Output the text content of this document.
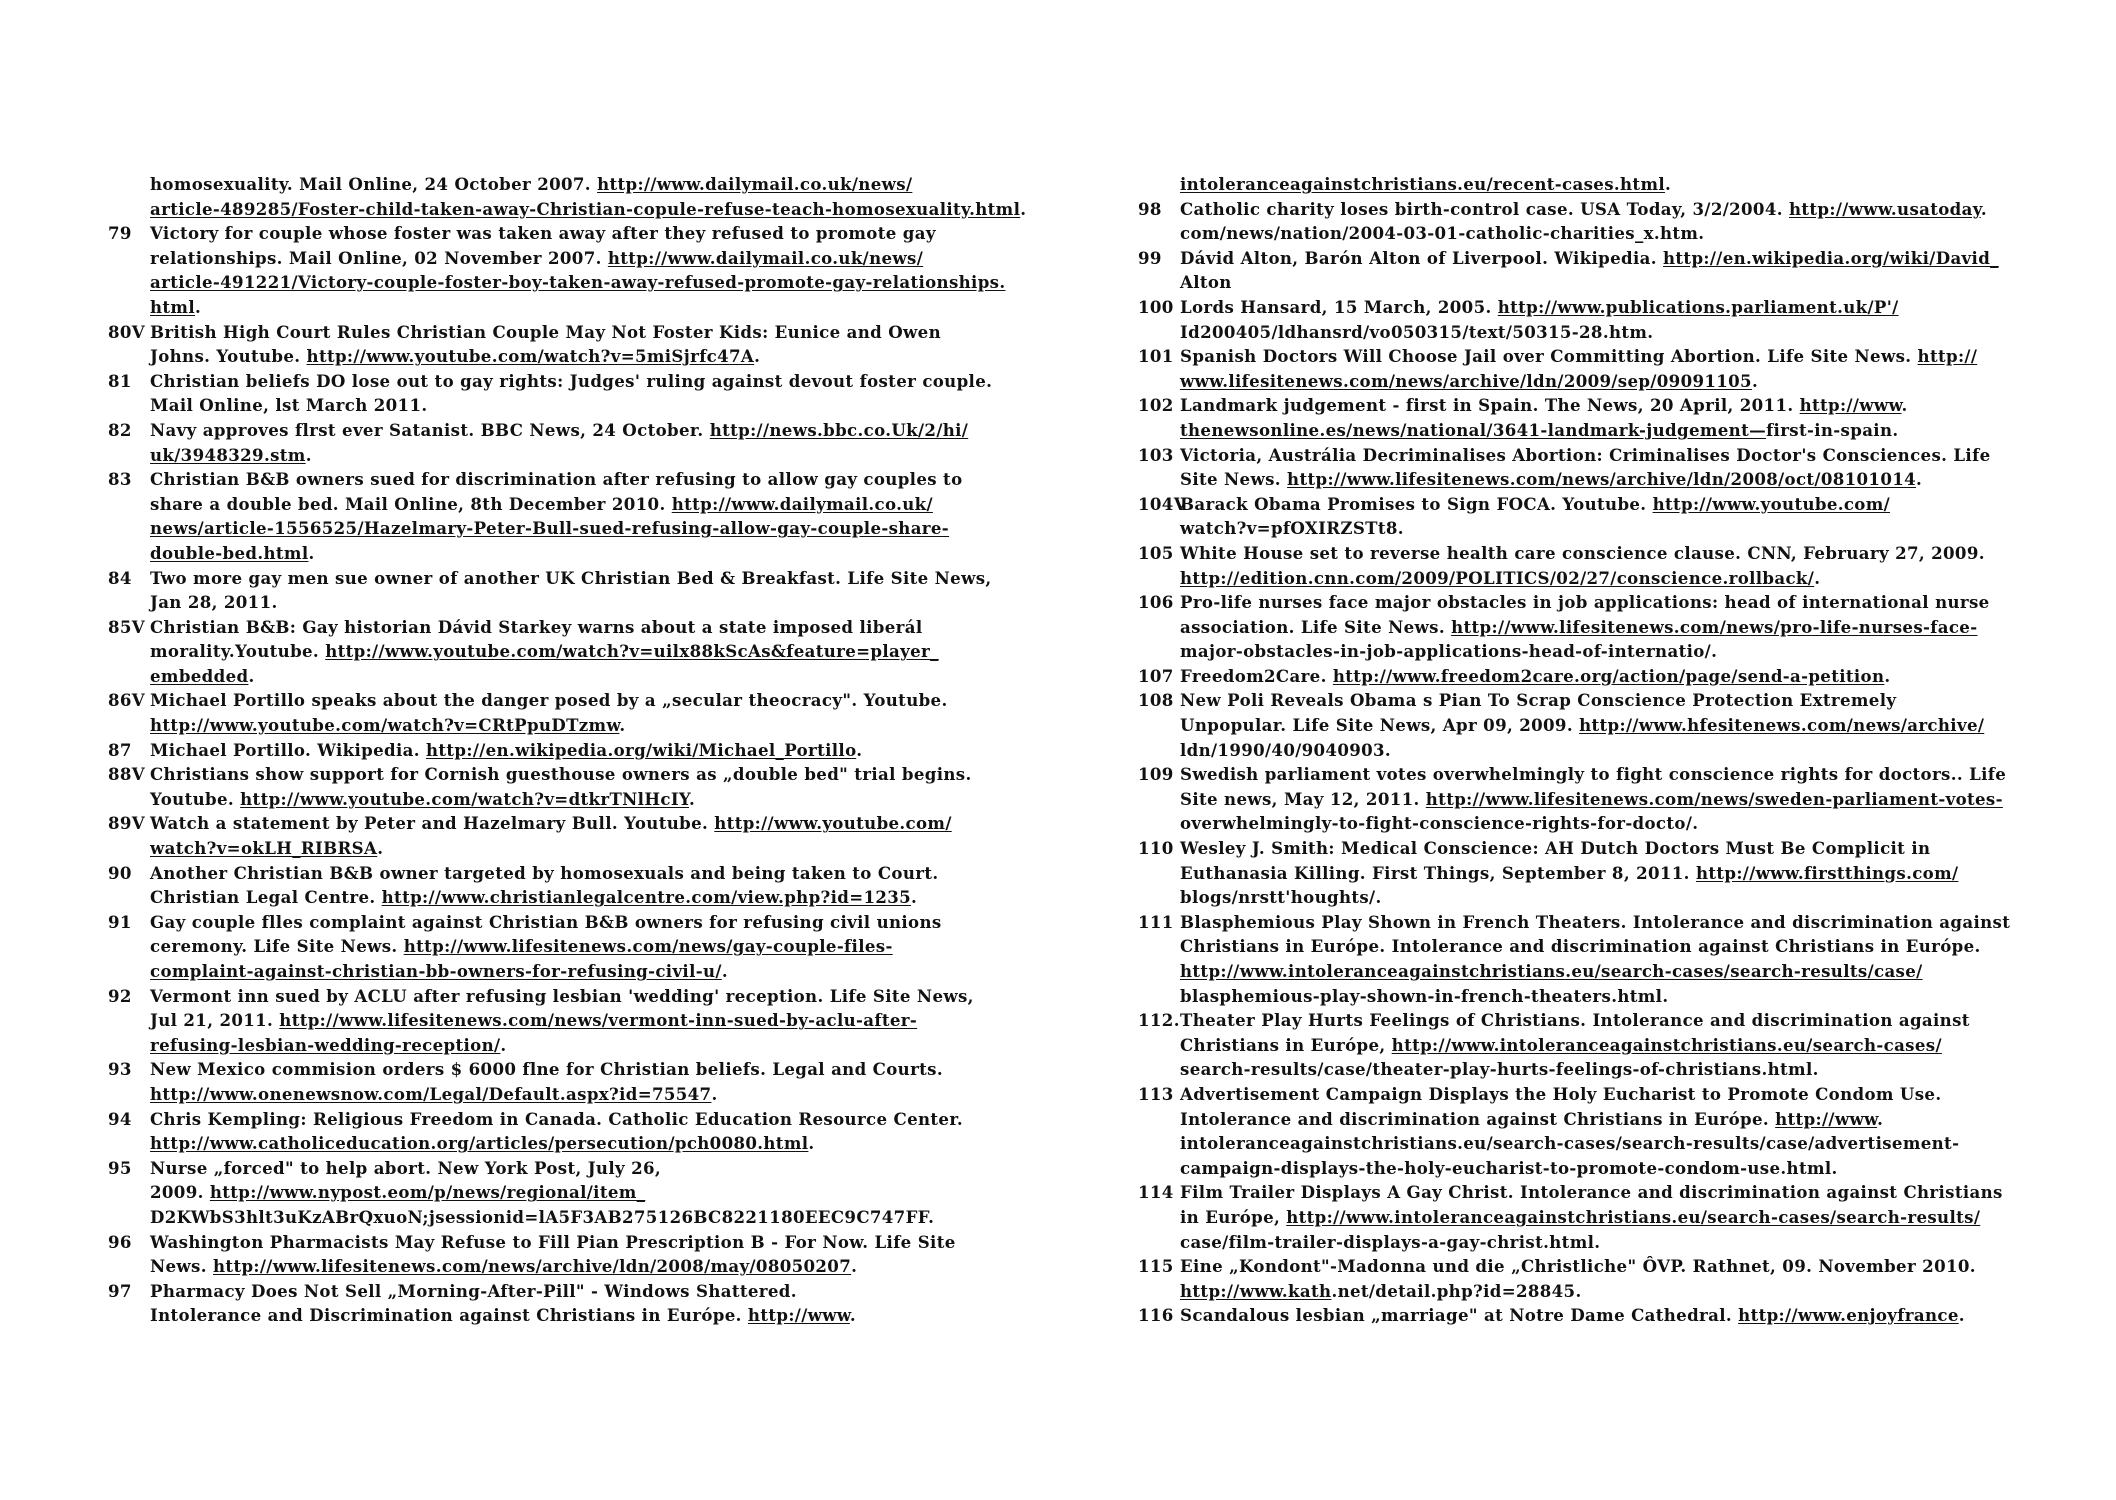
homosexuality. Mail Online, 24 October 2007. http://www.dailymail.co.uk/news/
article-489285/Foster-child-taken-away-Christian-copule-refuse-teach-homosexuality.html.
79 Victory for couple whose foster was taken away after they refused to promote gay
relationships. Mail Online, 02 November 2007. http://www.dailymail.co.uk/news/
article-491221/Victory-couple-foster-boy-taken-away-refused-promote-gay-relationships.
html.
80V British High Court Rules Christian Couple May Not Foster Kids: Eunice and Owen
Johns. Youtube. http://www.youtube.com/watch?v=5miSjrfc47A.
81 Christian beliefs DO lose out to gay rights: Judges' ruling against devout foster couple.
Mail Online, lst March 2011.
82 Navy approves flrst ever Satanist. BBC News, 24 October. http://news.bbc.co.Uk/2/hi/
uk/3948329.stm.
83 Christian B&B owners sued for discrimination after refusing to allow gay couples to
share a double bed. Mail Online, 8th December 2010. http://www.dailymail.co.uk/
news/article-1556525/Hazelmary-Peter-Bull-sued-refusing-allow-gay-couple-share-
double-bed.html.
84 Two more gay men sue owner of another UK Christian Bed & Breakfast. Life Site News,
Jan 28, 2011.
85V Christian B&B: Gay historian Dávid Starkey warns about a state imposed liberál
morality.Youtube. http://www.youtube.com/watch?v=uilx88kScAs&feature=player_
embedded.
86V Michael Portillo speaks about the danger posed by a „secular theocracy". Youtube.
http://www.youtube.com/watch?v=CRtPpuDTzmw.
87 Michael Portillo. Wikipedia. http://en.wikipedia.org/wiki/Michael_Portillo.
88V Christians show support for Cornish guesthouse owners as „double bed" trial begins.
Youtube. http://www.youtube.com/watch?v=dtkrTNlHcIY.
89V Watch a statement by Peter and Hazelmary Bull. Youtube. http://www.youtube.com/
watch?v=okLH_RIBRSA.
90 Another Christian B&B owner targeted by homosexuals and being taken to Court.
Christian Legal Centre. http://www.christianlegalcentre.com/view.php?id=1235.
91 Gay couple flles complaint against Christian B&B owners for refusing civil unions
ceremony. Life Site News. http://www.lifesitenews.com/news/gay-couple-files-
complaint-against-christian-bb-owners-for-refusing-civil-u/.
92 Vermont inn sued by ACLU after refusing lesbian 'wedding' reception. Life Site News,
Jul 21, 2011. http://www.lifesitenews.com/news/vermont-inn-sued-by-aclu-after-
refusing-lesbian-wedding-reception/.
93 New Mexico commision orders $ 6000 flne for Christian beliefs. Legal and Courts.
http://www.onenewsnow.com/Legal/Default.aspx?id=75547.
94 Chris Kempling: Religious Freedom in Canada. Catholic Education Resource Center.
http://www.catholiceducation.org/articles/persecution/pch0080.html.
95 Nurse „forced" to help abort. New York Post, July 26,
2009. http://www.nypost.eom/p/news/regional/item_
D2KWbS3hlt3uKzABrQxuoN;jsessionid=lA5F3AB275126BC8221180EEC9C747FF.
96 Washington Pharmacists May Refuse to Fill Pian Prescription B - For Now. Life Site
News. http://www.lifesitenews.com/news/archive/ldn/2008/may/08050207.
97 Pharmacy Does Not Sell „Morning-After-Pill" - Windows Shattered.
Intolerance and Discrimination against Christians in Európe. http://www.
intoleranceagainstchristians.eu/recent-cases.html.
98 Catholic charity loses birth-control case. USA Today, 3/2/2004. http://www.usatoday.
com/news/nation/2004-03-01-catholic-charities_x.htm.
99 Dávid Alton, Barón Alton of Liverpool. Wikipedia. http://en.wikipedia.org/wiki/David_
Alton
100 Lords Hansard, 15 March, 2005. http://www.publications.parliament.uk/P'/
Id200405/ldhansrd/vo050315/text/50315-28.htm.
101 Spanish Doctors Will Choose Jail over Committing Abortion. Life Site News. http://
www.lifesitenews.com/news/archive/ldn/2009/sep/09091105.
102 Landmark judgement - first in Spain. The News, 20 April, 2011. http://www.
thenewsonline.es/news/national/3641-landmark-judgement—first-in-spain.
103 Victoria, Austrália Decriminalises Abortion: Criminalises Doctor's Consciences. Life
Site News. http://www.lifesitenews.com/news/archive/ldn/2008/oct/08101014.
104V
Barack Obama Promises to Sign FOCA. Youtube. http://www.youtube.com/
watch?v=pfOXIRZSTt8.
105 White House set to reverse health care conscience clause. CNN, February 27, 2009.
http://edition.cnn.com/2009/POLITICS/02/27/conscience.rollback/.
106 Pro-life nurses face major obstacles in job applications: head of international nurse
association. Life Site News. http://www.lifesitenews.com/news/pro-life-nurses-face-
major-obstacles-in-job-applications-head-of-internatio/.
107 Freedom2Care. http://www.freedom2care.org/action/page/send-a-petition.
108 New Poli Reveals Obama s Pian To Scrap Conscience Protection Extremely
Unpopular. Life Site News, Apr 09, 2009. http://www.hfesitenews.com/news/archive/
ldn/1990/40/9040903.
109 Swedish parliament votes overwhelmingly to fight conscience rights for doctors.. Life
Site news, May 12, 2011. http://www.lifesitenews.com/news/sweden-parliament-votes-
overwhelmingly-to-fight-conscience-rights-for-docto/.
110 Wesley J. Smith: Medical Conscience: AH Dutch Doctors Must Be Complicit in
Euthanasia Killing. First Things, September 8, 2011. http://www.firstthings.com/
blogs/nrstt'houghts/.
111 Blasphemious Play Shown in French Theaters. Intolerance and discrimination against
Christians in Európe. Intolerance and discrimination against Christians in Európe.
http://www.intoleranceagainstchristians.eu/search-cases/search-results/case/
blasphemious-play-shown-in-french-theaters.html.
112. Theater Play Hurts Feelings of Christians. Intolerance and discrimination against
Christians in Európe, http://www.intoleranceagainstchristians.eu/search-cases/
search-results/case/theater-play-hurts-feelings-of-christians.html.
113 Advertisement Campaign Displays the Holy Eucharist to Promote Condom Use.
Intolerance and discrimination against Christians in Európe. http://www.
intoleranceagainstchristians.eu/search-cases/search-results/case/advertisement-
campaign-displays-the-holy-eucharist-to-promote-condom-use.html.
114 Film Trailer Displays A Gay Christ. Intolerance and discrimination against Christians
in Európe, http://www.intoleranceagainstchristians.eu/search-cases/search-results/
case/film-trailer-displays-a-gay-christ.html.
115 Eine „Kondont"-Madonna und die „Christliche" ÔVP. Rathnet, 09. November 2010.
http://www.kath.net/detail.php?id=28845.
116 Scandalous lesbian „marriage" at Notre Dame Cathedral. http://www.enjoyfrance.
